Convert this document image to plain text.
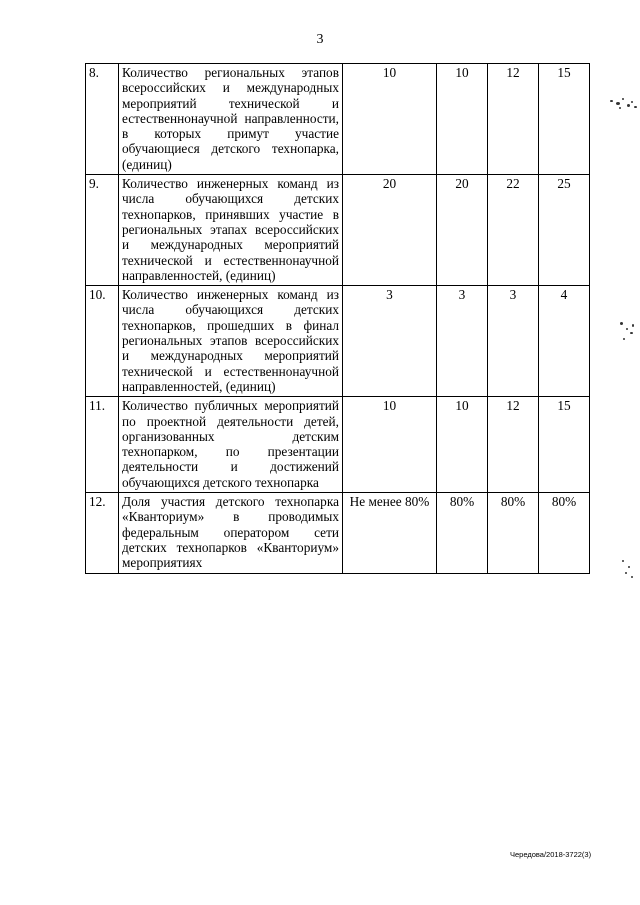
3
8.	Количество региональных этапов всероссийских и международных мероприятий технической и естественнонаучной направленности, в которых примут участие обучающиеся детского технопарка, (единиц)	10	10	12	15
9.	Количество инженерных команд из числа обучающихся детских технопарков, принявших участие в региональных этапах всероссийских и международных мероприятий технической и естественнонаучной направленностей, (единиц)	20	20	22	25
10.	Количество инженерных команд из числа обучающихся детских технопарков, прошедших в финал региональных этапов всероссийских и международных мероприятий технической и естественнонаучной направленностей, (единиц)	3	3	3	4
11.	Количество публичных мероприятий по проектной деятельности детей, организованных детским технопарком, по презентации деятельности и достижений обучающихся детского технопарка	10	10	12	15
12.	Доля участия детского технопарка «Кванториум» в проводимых федеральным оператором сети детских технопарков «Кванториум» мероприятиях	Не менее 80%	80%	80%	80%
Чередова/2018-3722(3)
